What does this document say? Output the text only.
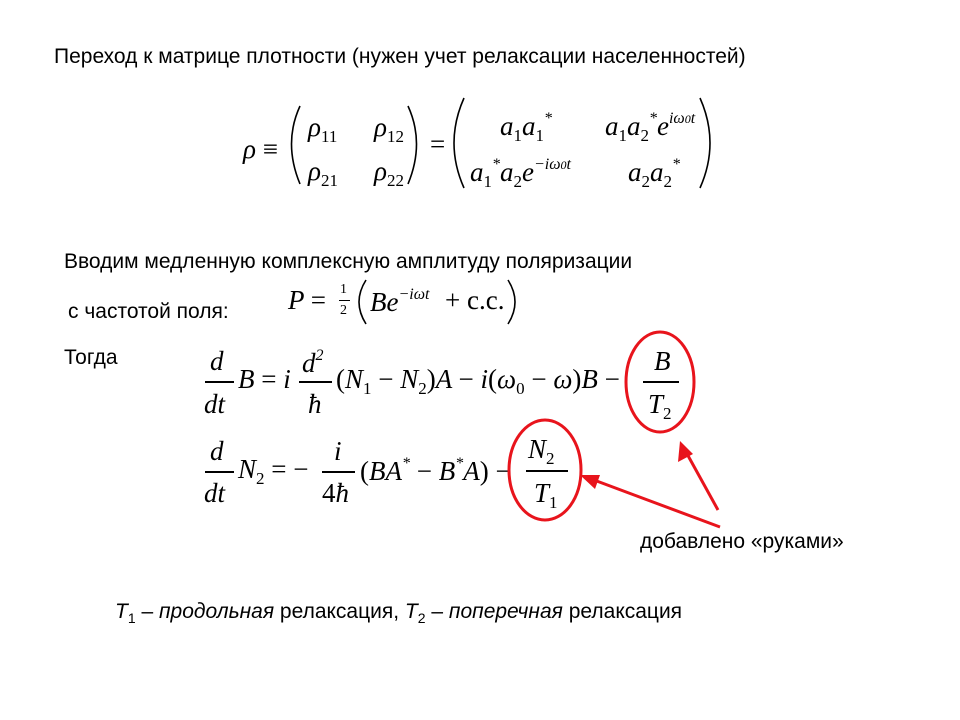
Переход к матрице плотности (нужен учет релаксации населенностей)
Вводим медленную комплексную амплитуду поляризации
с частотой поля:
Тогда
ρ ≡
$\rho_{11}$ $\rho_{12}$
$\rho_{21}$ $\rho_{22}$
=
$a_1a_1^*$ $a_1a_2^*e^{i\omega 0t}$
$a_1^*a_2e^{-i\omega 0t}$ $a_2a_2^*$
P = 1
2 $Be^{-i\omega t} + c.c$.
d
dt
B = i
$d^2$
ħ
$(N_1 - N_2)A - i(\omega_0 - \omega)B$ −
B
$T_2$
d
dt
$N_2$ = −
i
4ħ
(BA* − B*A) −
$N_2$
$T_1$
добавлено «руками»
$T_1$ – продольная релаксация, $T_2$ – поперечная релаксация
